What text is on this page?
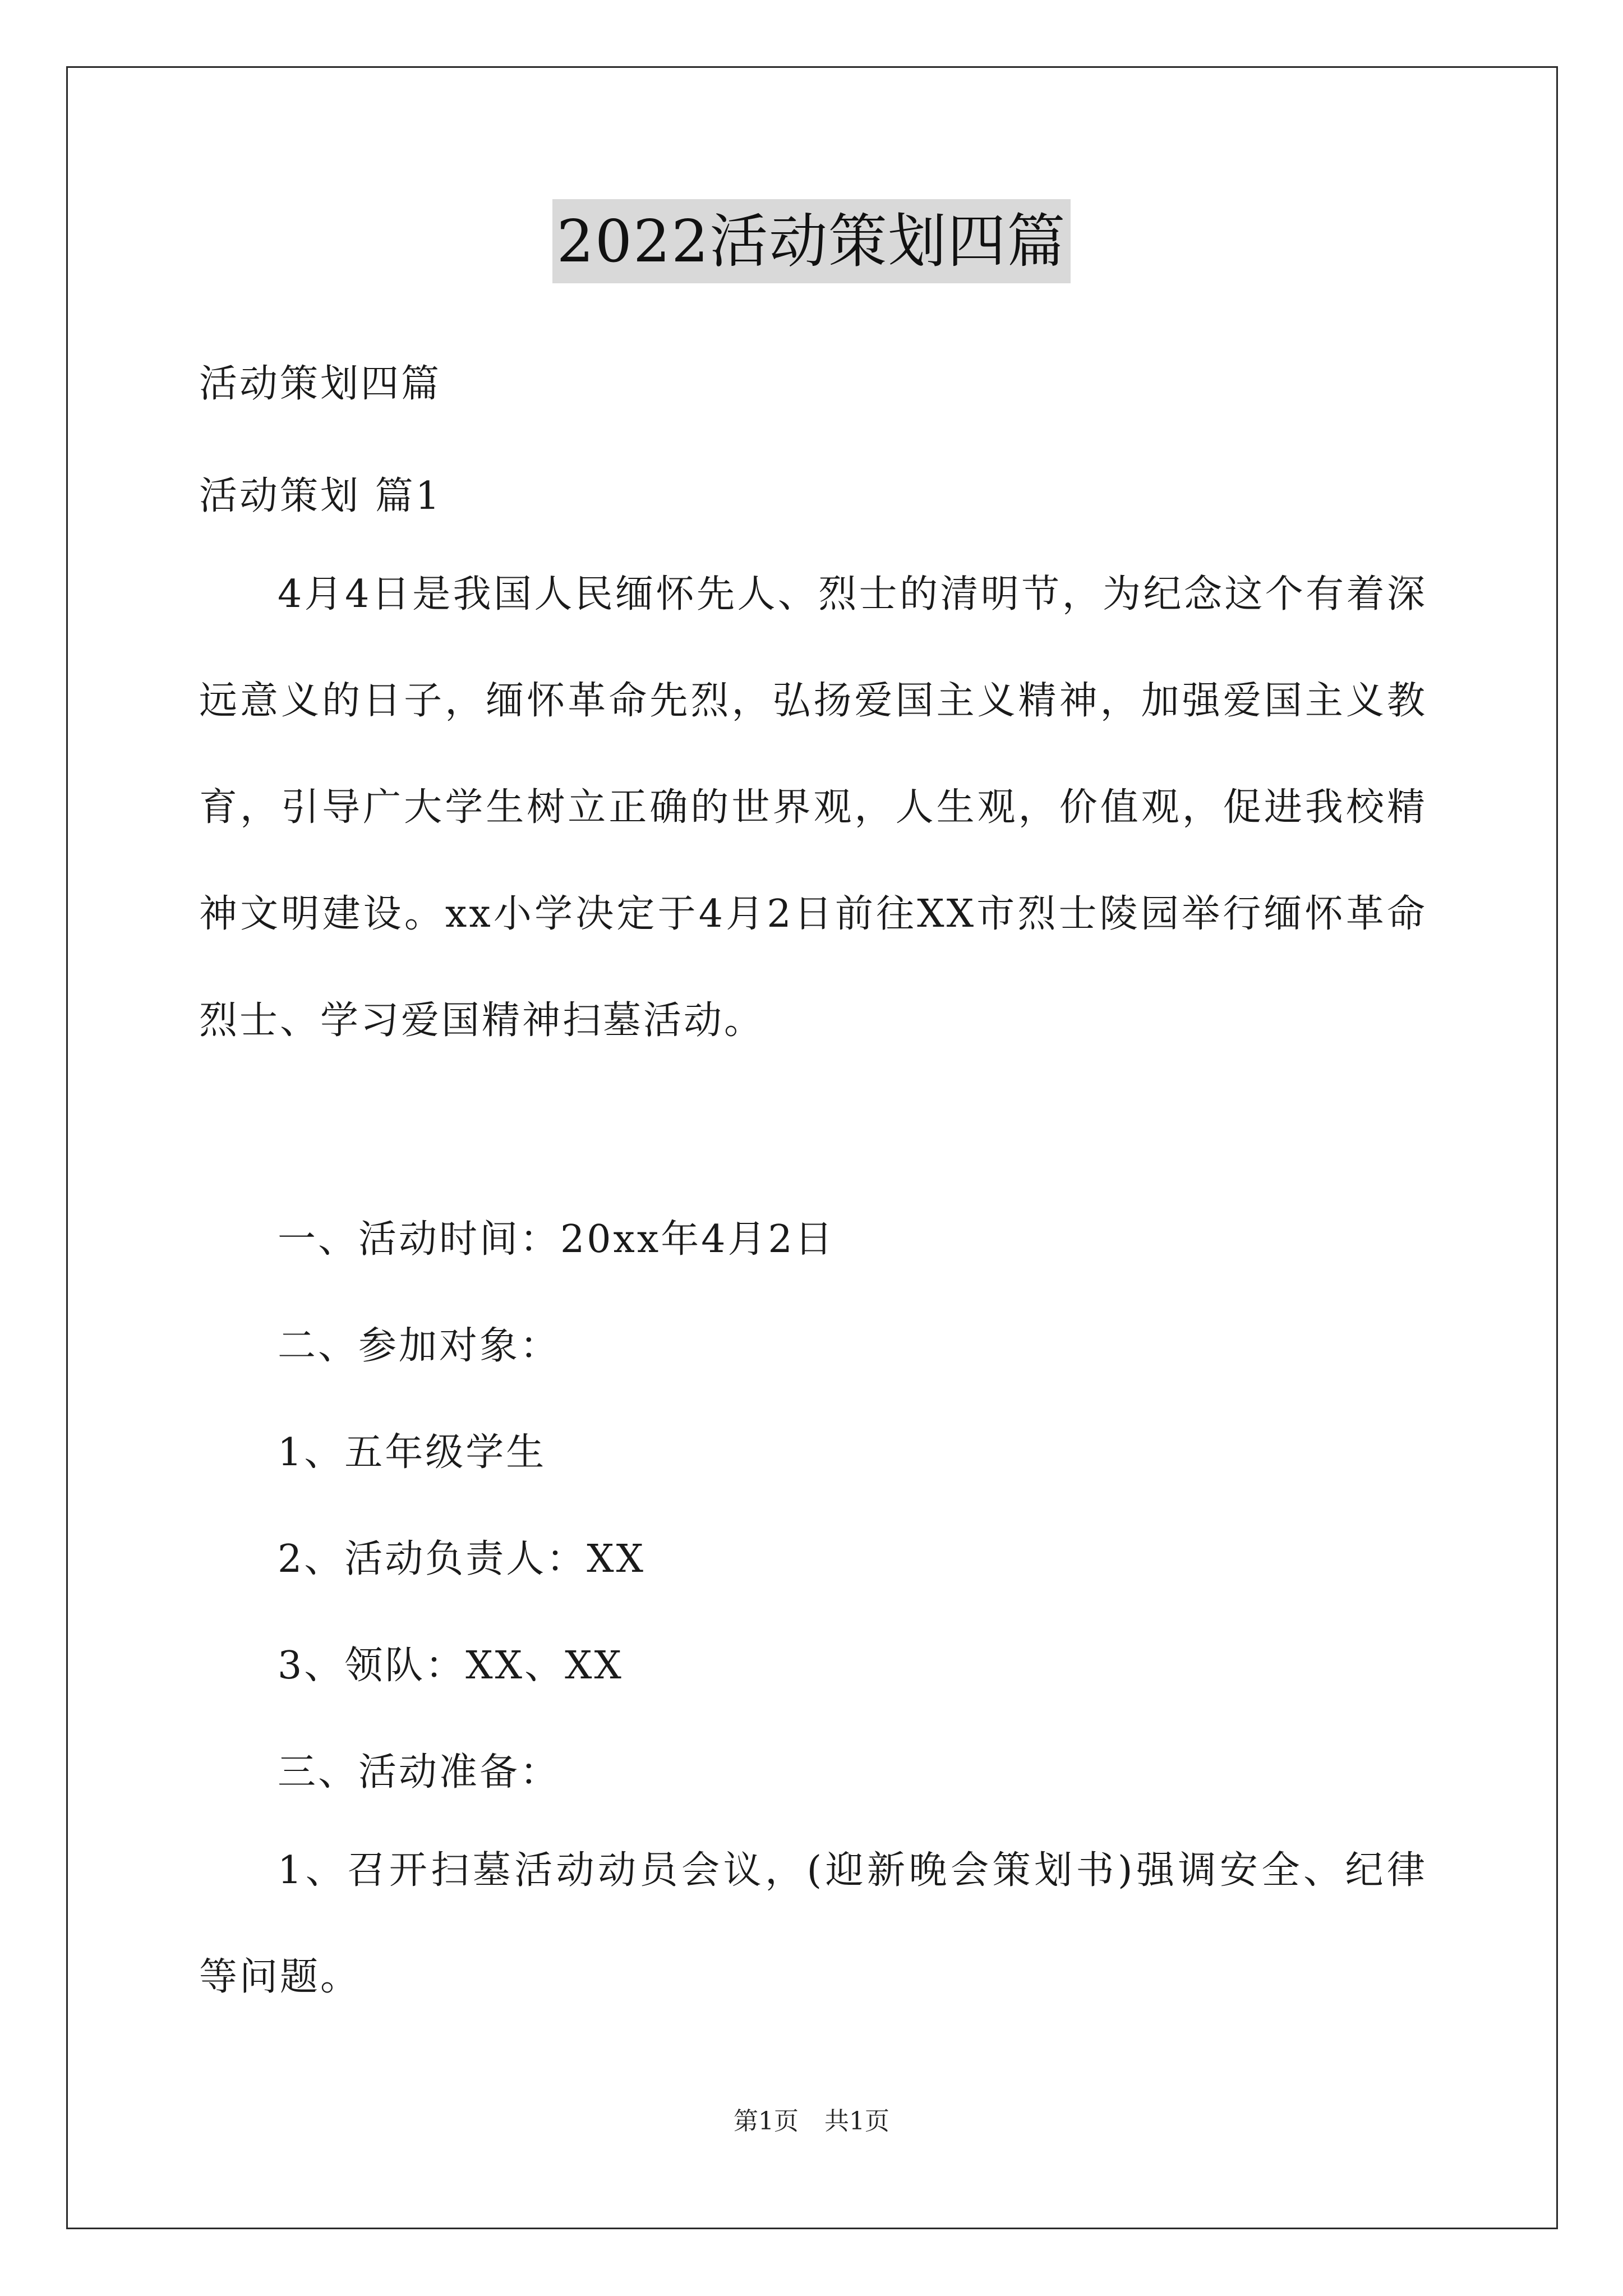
2022活动策划四篇
活动策划四篇
活动策划 篇1
4月4日是我国人民缅怀先人、烈士的清明节，为纪念这个有着深远意义的日子，缅怀革命先烈，弘扬爱国主义精神，加强爱国主义教育，引导广大学生树立正确的世界观，人生观，价值观，促进我校精神文明建设。xx小学决定于4月2日前往XX市烈士陵园举行缅怀革命烈士、学习爱国精神扫墓活动。
一、活动时间：20xx年4月2日
二、参加对象：
1、五年级学生
2、活动负责人：XX
3、领队：XX、XX
三、活动准备：
1、召开扫墓活动动员会议，(迎新晚会策划书)强调安全、纪律等问题。
第1页 共1页
